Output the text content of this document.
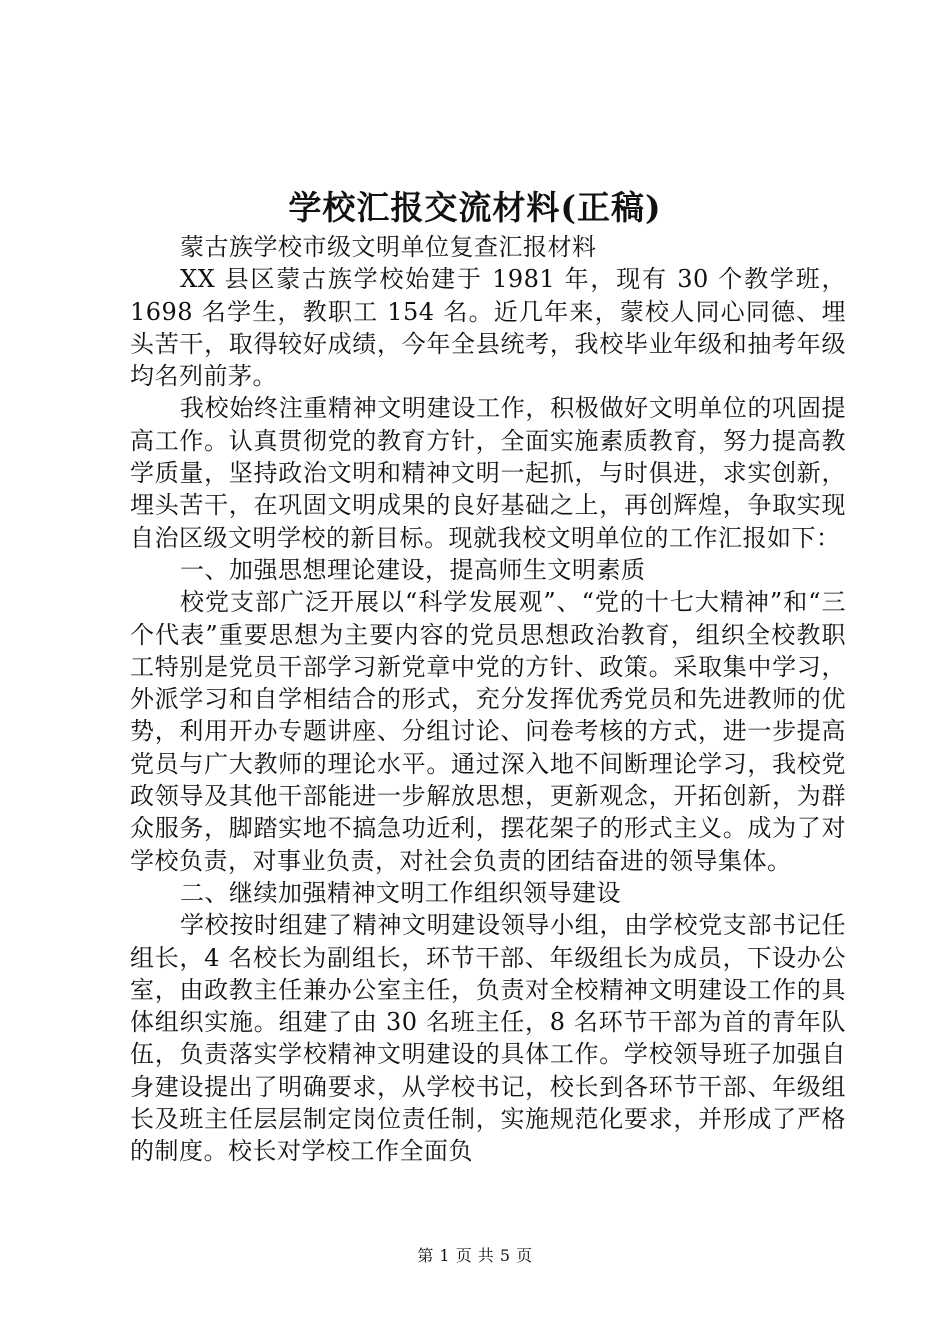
学校汇报交流材料(正稿)

蒙古族学校市级文明单位复查汇报材料

XX 县区蒙古族学校始建于 1981 年，现有 30 个教学班，1698 名学生，教职工 154 名。近几年来，蒙校人同心同德、埋头苦干，取得较好成绩，今年全县统考，我校毕业年级和抽考年级均名列前茅。

我校始终注重精神文明建设工作，积极做好文明单位的巩固提高工作。认真贯彻党的教育方针，全面实施素质教育，努力提高教学质量，坚持政治文明和精神文明一起抓，与时俱进，求实创新，埋头苦干，在巩固文明成果的良好基础之上，再创辉煌，争取实现自治区级文明学校的新目标。现就我校文明单位的工作汇报如下：

一、加强思想理论建设，提高师生文明素质

校党支部广泛开展以“科学发展观”、“党的十七大精神”和“三个代表”重要思想为主要内容的党员思想政治教育，组织全校教职工特别是党员干部学习新党章中党的方针、政策。采取集中学习，外派学习和自学相结合的形式，充分发挥优秀党员和先进教师的优势，利用开办专题讲座、分组讨论、问卷考核的方式，进一步提高党员与广大教师的理论水平。通过深入地不间断理论学习，我校党政领导及其他干部能进一步解放思想，更新观念，开拓创新，为群众服务，脚踏实地不搞急功近利，摆花架子的形式主义。成为了对学校负责，对事业负责，对社会负责的团结奋进的领导集体。

二、继续加强精神文明工作组织领导建设

学校按时组建了精神文明建设领导小组，由学校党支部书记任组长，4 名校长为副组长，环节干部、年级组长为成员，下设办公室，由政教主任兼办公室主任，负责对全校精神文明建设工作的具体组织实施。组建了由 30 名班主任，8 名环节干部为首的青年队伍，负责落实学校精神文明建设的具体工作。学校领导班子加强自身建设提出了明确要求，从学校书记，校长到各环节干部、年级组长及班主任层层制定岗位责任制，实施规范化要求，并形成了严格的制度。校长对学校工作全面负

第 1 页 共 5 页
